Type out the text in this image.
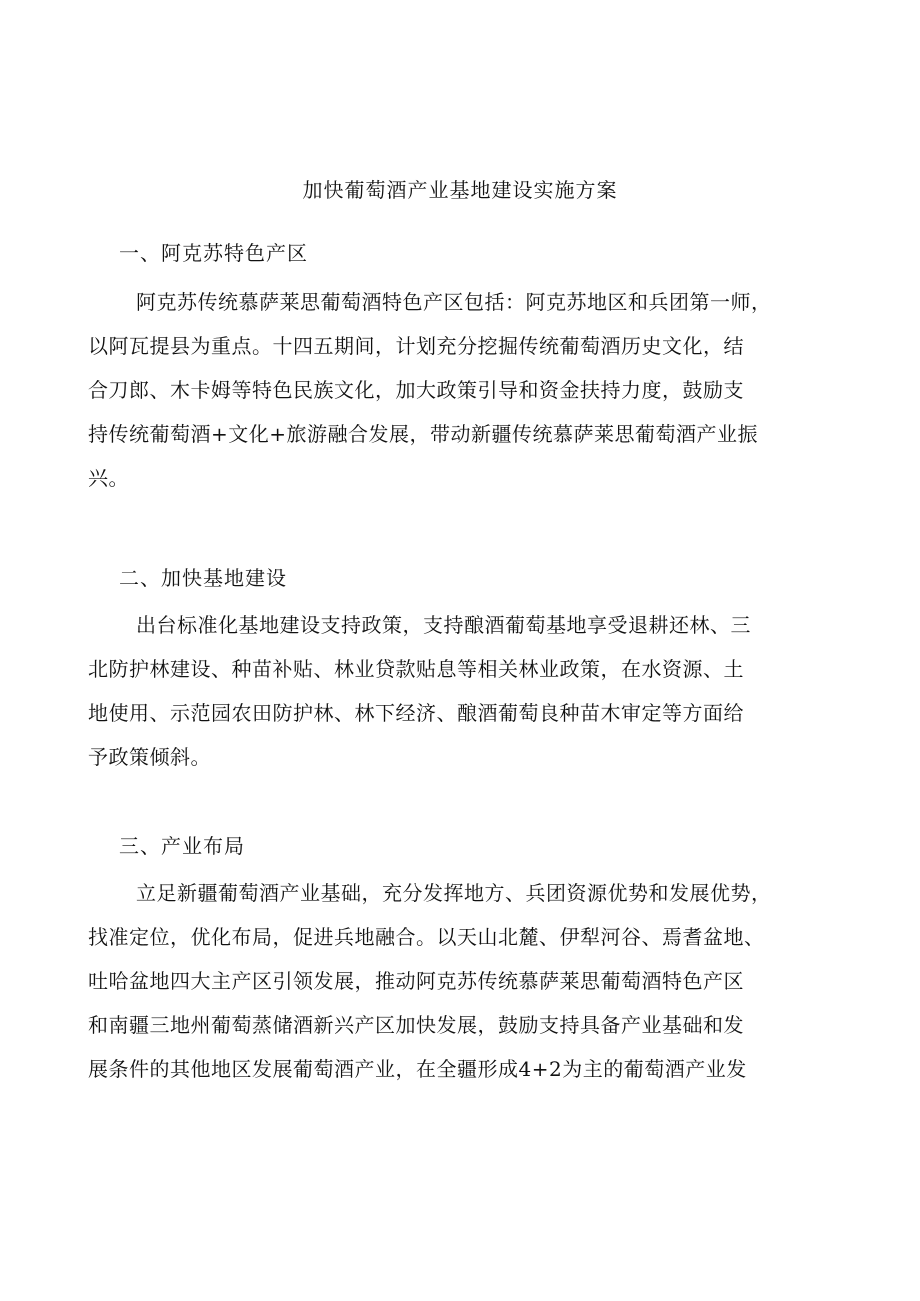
加快葡萄酒产业基地建设实施方案
一、阿克苏特色产区

阿克苏传统慕萨莱思葡萄酒特色产区包括：阿克苏地区和兵团第一师，
以阿瓦提县为重点。十四五期间，计划充分挖掘传统葡萄酒历史文化，结
合刀郎、木卡姆等特色民族文化，加大政策引导和资金扶持力度，鼓励支
持传统葡萄酒+文化+旅游融合发展，带动新疆传统慕萨莱思葡萄酒产业振
兴。

二、加快基地建设

出台标准化基地建设支持政策，支持酿酒葡萄基地享受退耕还林、三
北防护林建设、种苗补贴、林业贷款贴息等相关林业政策，在水资源、土
地使用、示范园农田防护林、林下经济、酿酒葡萄良种苗木审定等方面给
予政策倾斜。

三、产业布局

立足新疆葡萄酒产业基础，充分发挥地方、兵团资源优势和发展优势，
找准定位，优化布局，促进兵地融合。以天山北麓、伊犁河谷、焉耆盆地、
吐哈盆地四大主产区引领发展，推动阿克苏传统慕萨莱思葡萄酒特色产区
和南疆三地州葡萄蒸储酒新兴产区加快发展，鼓励支持具备产业基础和发
展条件的其他地区发展葡萄酒产业，在全疆形成4+2为主的葡萄酒产业发
